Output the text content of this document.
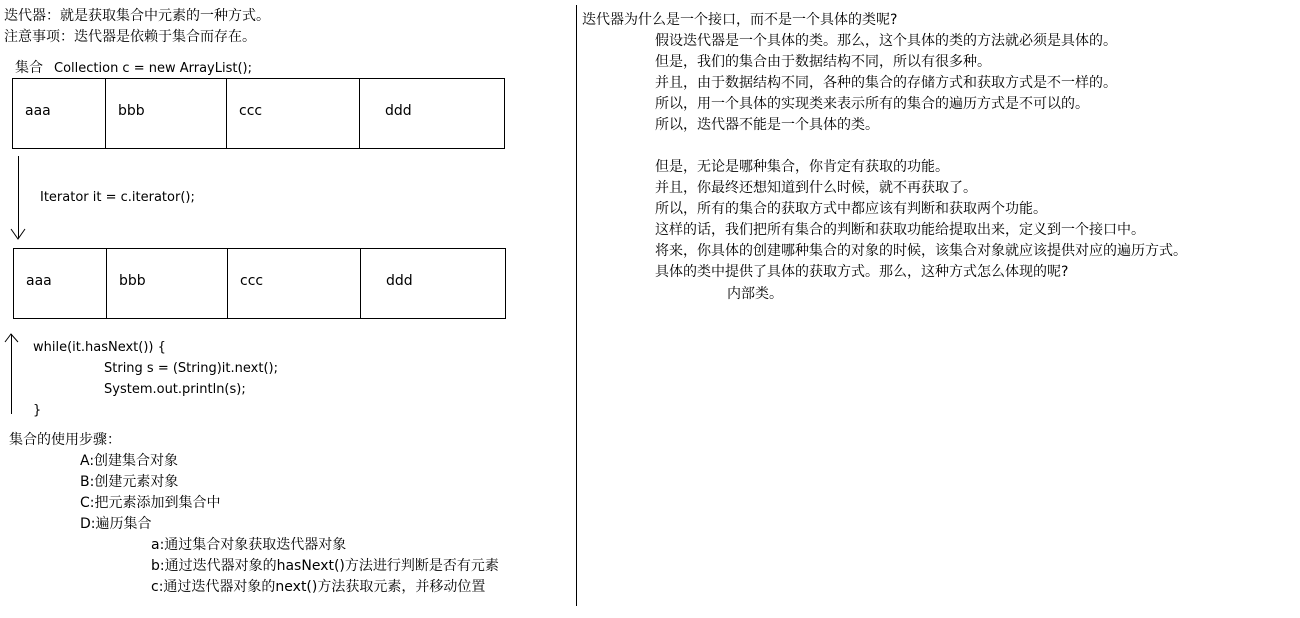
迭代器：就是获取集合中元素的一种方式。
注意事项：迭代器是依赖于集合而存在。
集合 Collection c = new ArrayList();
aaa	bbb	ccc	ddd
Iterator it = c.iterator();
aaa	bbb	ccc	ddd
while(it.hasNext()) {
String s = (String)it.next();
System.out.println(s);
}
集合的使用步骤：
A:创建集合对象
B:创建元素对象
C:把元素添加到集合中
D:遍历集合
a:通过集合对象获取迭代器对象
b:通过迭代器对象的hasNext()方法进行判断是否有元素
c:通过迭代器对象的next()方法获取元素，并移动位置
迭代器为什么是一个接口，而不是一个具体的类呢?
假设迭代器是一个具体的类。那么，这个具体的类的方法就必须是具体的。
但是，我们的集合由于数据结构不同，所以有很多种。
并且，由于数据结构不同，各种的集合的存储方式和获取方式是不一样的。
所以，用一个具体的实现类来表示所有的集合的遍历方式是不可以的。
所以，迭代器不能是一个具体的类。
但是，无论是哪种集合，你肯定有获取的功能。
并且，你最终还想知道到什么时候，就不再获取了。
所以，所有的集合的获取方式中都应该有判断和获取两个功能。
这样的话，我们把所有集合的判断和获取功能给提取出来，定义到一个接口中。
将来，你具体的创建哪种集合的对象的时候，该集合对象就应该提供对应的遍历方式。
具体的类中提供了具体的获取方式。那么，这种方式怎么体现的呢?
内部类。
